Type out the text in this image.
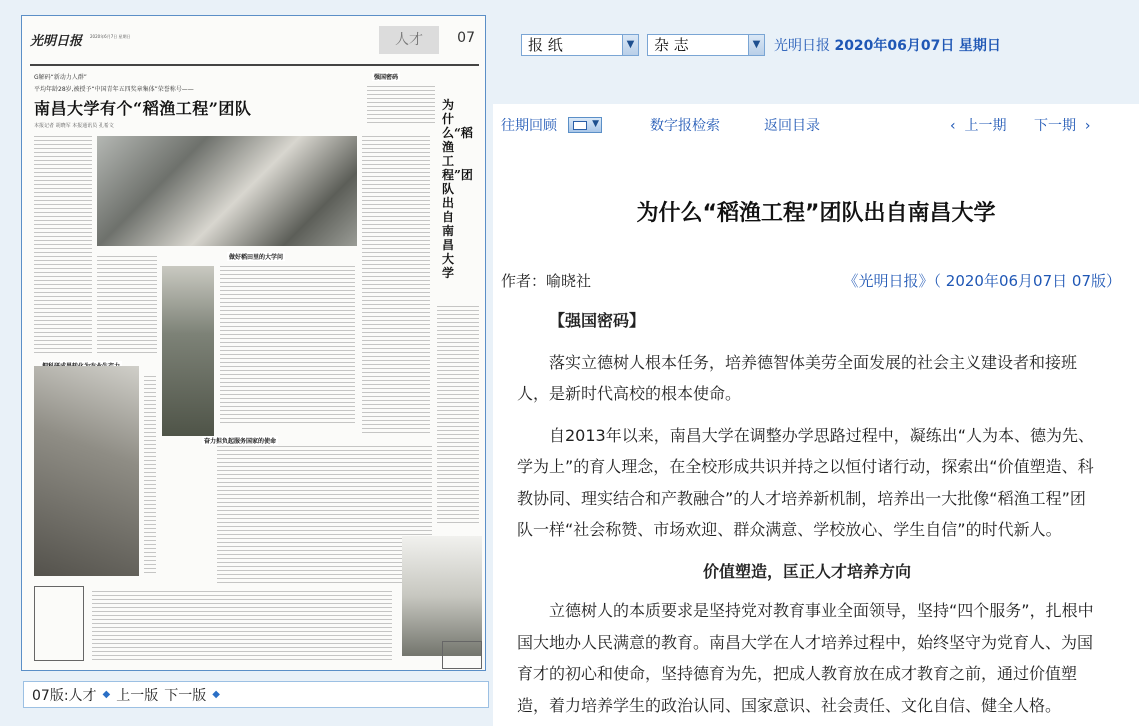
光明日报 2020年6月7日 星期日	人才	07
G解码“新动力人群”
平均年龄28岁,被授予“中国青年五四奖章集体”荣誉称号——
南昌大学有个“稻渔工程”团队
本报记者 胡晓军 本报通讯员 孔希文
做好稻田里的大学问
奋力担负起服务国家的使命
为什么“稻渔工程”团队出自南昌大学
强国密码
07版:人才 ◆ 上一版 下一版 ◆
报 纸	▼	杂 志	▼ 光明日报 2020年06月07日 星期日
往期回顾	▼	数字报检索	返回目录	‹  上一期 下一期  ›
为什么“稻渔工程”团队出自南昌大学
作者：喻晓社	《光明日报》（ 2020年06月07日 07版）

【强国密码】

落实立德树人根本任务，培养德智体美劳全面发展的社会主义建设者和接班人，是新时代高校的根本使命。

自2013年以来，南昌大学在调整办学思路过程中，凝练出“人为本、德为先、学为上”的育人理念，在全校形成共识并持之以恒付诸行动，探索出“价值塑造、科教协同、理实结合和产教融合”的人才培养新机制，培养出一大批像“稻渔工程”团队一样“社会称赞、市场欢迎、群众满意、学校放心、学生自信”的时代新人。

价值塑造，匡正人才培养方向

立德树人的本质要求是坚持党对教育事业全面领导，坚持“四个服务”，扎根中国大地办人民满意的教育。南昌大学在人才培养过程中，始终坚守为党育人、为国育才的初心和使命，坚持德育为先，把成人教育放在成才教育之前，通过价值塑造，着力培养学生的政治认同、国家意识、社会责任、文化自信、健全人格。
